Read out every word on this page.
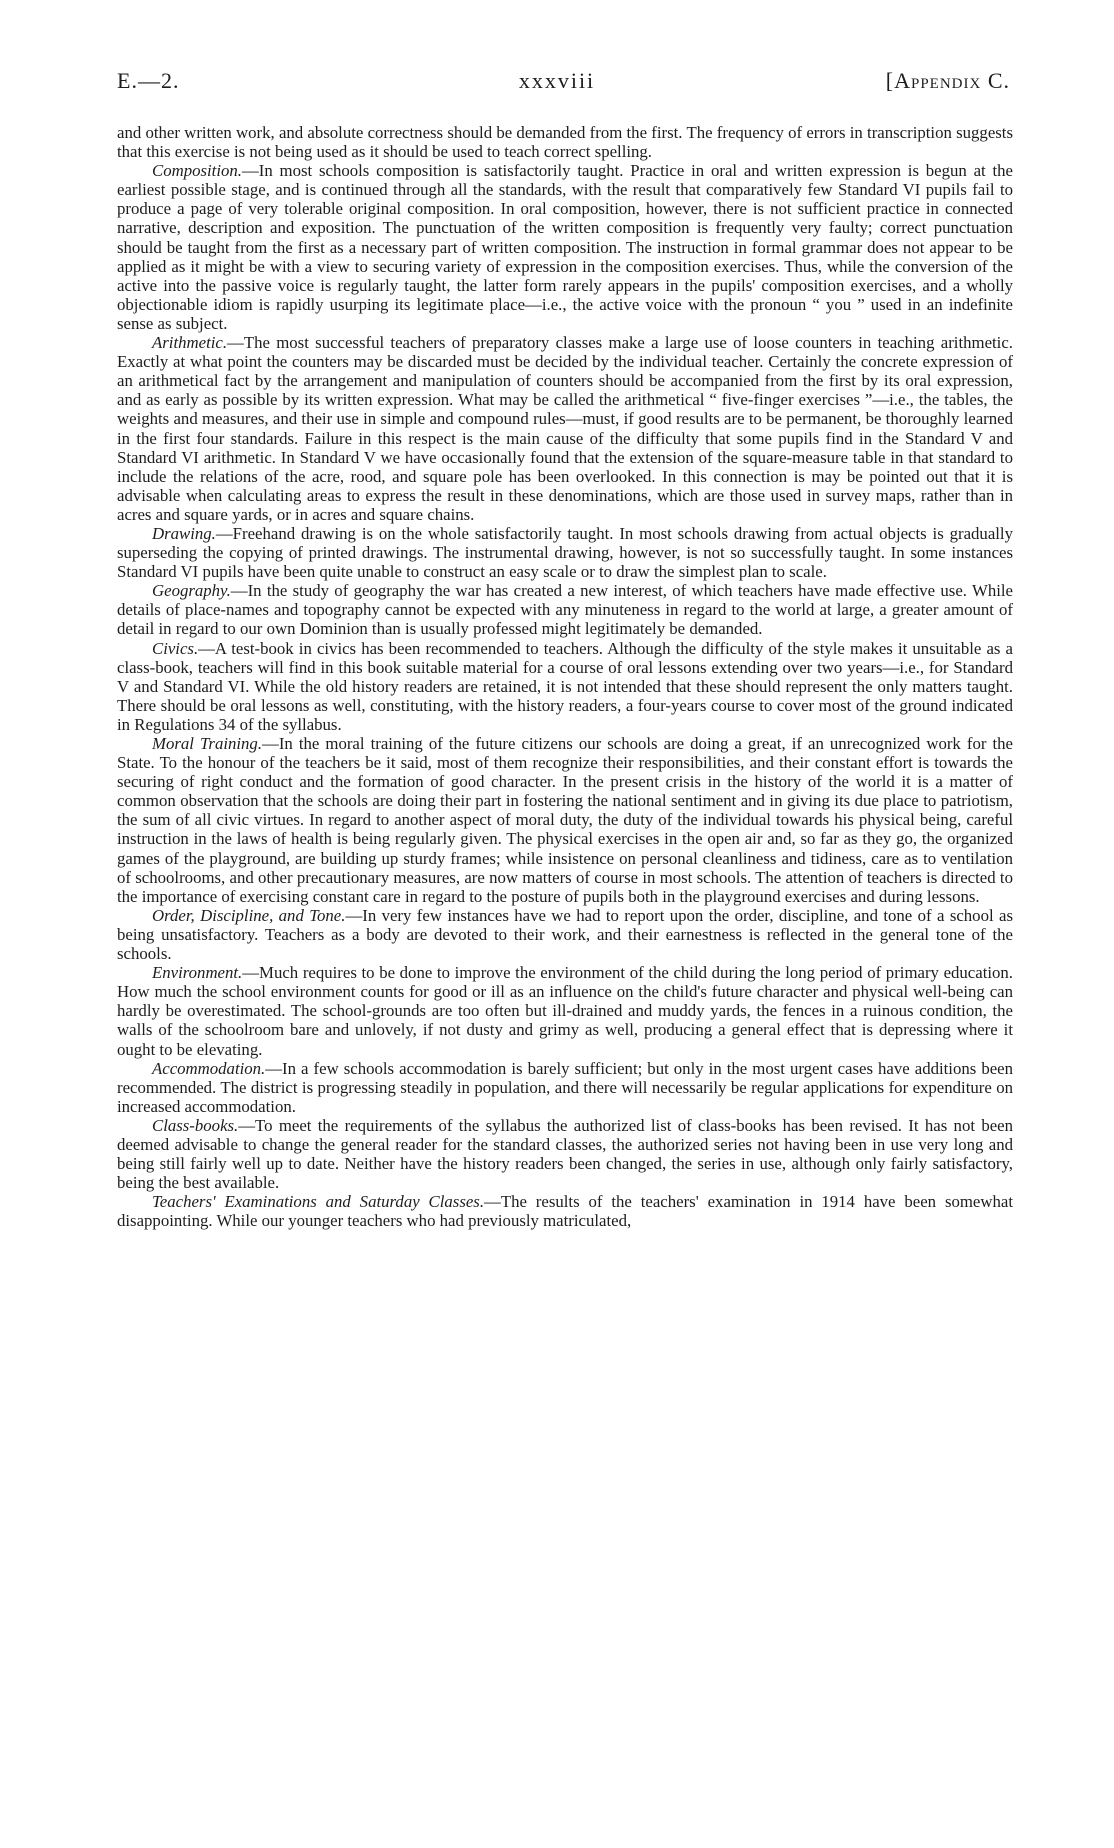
E.—2.	xxxviii	[Appendix C.

and other written work, and absolute correctness should be demanded from the first. The frequency of errors in transcription suggests that this exercise is not being used as it should be used to teach correct spelling.

Composition.—In most schools composition is satisfactorily taught. Practice in oral and written expression is begun at the earliest possible stage, and is continued through all the standards, with the result that comparatively few Standard VI pupils fail to produce a page of very tolerable original composition. In oral composition, however, there is not sufficient practice in connected narrative, description and exposition. The punctuation of the written composition is frequently very faulty; correct punctuation should be taught from the first as a necessary part of written composition. The instruction in formal grammar does not appear to be applied as it might be with a view to securing variety of expression in the composition exercises. Thus, while the conversion of the active into the passive voice is regularly taught, the latter form rarely appears in the pupils' composition exercises, and a wholly objectionable idiom is rapidly usurping its legitimate place—i.e., the active voice with the pronoun “ you ” used in an indefinite sense as subject.

Arithmetic.—The most successful teachers of preparatory classes make a large use of loose counters in teaching arithmetic. Exactly at what point the counters may be discarded must be decided by the individual teacher. Certainly the concrete expression of an arithmetical fact by the arrangement and manipulation of counters should be accompanied from the first by its oral expression, and as early as possible by its written expression. What may be called the arithmetical “ five-finger exercises ”—i.e., the tables, the weights and measures, and their use in simple and compound rules—must, if good results are to be permanent, be thoroughly learned in the first four standards. Failure in this respect is the main cause of the difficulty that some pupils find in the Standard V and Standard VI arithmetic. In Standard V we have occasionally found that the extension of the square-measure table in that standard to include the relations of the acre, rood, and square pole has been overlooked. In this connection is may be pointed out that it is advisable when calculating areas to express the result in these denominations, which are those used in survey maps, rather than in acres and square yards, or in acres and square chains.

Drawing.—Freehand drawing is on the whole satisfactorily taught. In most schools drawing from actual objects is gradually superseding the copying of printed drawings. The instrumental drawing, however, is not so successfully taught. In some instances Standard VI pupils have been quite unable to construct an easy scale or to draw the simplest plan to scale.

Geography.—In the study of geography the war has created a new interest, of which teachers have made effective use. While details of place-names and topography cannot be expected with any minuteness in regard to the world at large, a greater amount of detail in regard to our own Dominion than is usually professed might legitimately be demanded.

Civics.—A test-book in civics has been recommended to teachers. Although the difficulty of the style makes it unsuitable as a class-book, teachers will find in this book suitable material for a course of oral lessons extending over two years—i.e., for Standard V and Standard VI. While the old history readers are retained, it is not intended that these should represent the only matters taught. There should be oral lessons as well, constituting, with the history readers, a four-years course to cover most of the ground indicated in Regulations 34 of the syllabus.

Moral Training.—In the moral training of the future citizens our schools are doing a great, if an unrecognized work for the State. To the honour of the teachers be it said, most of them recognize their responsibilities, and their constant effort is towards the securing of right conduct and the formation of good character. In the present crisis in the history of the world it is a matter of common observation that the schools are doing their part in fostering the national sentiment and in giving its due place to patriotism, the sum of all civic virtues. In regard to another aspect of moral duty, the duty of the individual towards his physical being, careful instruction in the laws of health is being regularly given. The physical exercises in the open air and, so far as they go, the organized games of the playground, are building up sturdy frames; while insistence on personal cleanliness and tidiness, care as to ventilation of schoolrooms, and other precautionary measures, are now matters of course in most schools. The attention of teachers is directed to the importance of exercising constant care in regard to the posture of pupils both in the playground exercises and during lessons.

Order, Discipline, and Tone.—In very few instances have we had to report upon the order, discipline, and tone of a school as being unsatisfactory. Teachers as a body are devoted to their work, and their earnestness is reflected in the general tone of the schools.

Environment.—Much requires to be done to improve the environment of the child during the long period of primary education. How much the school environment counts for good or ill as an influence on the child's future character and physical well-being can hardly be overestimated. The school-grounds are too often but ill-drained and muddy yards, the fences in a ruinous condition, the walls of the schoolroom bare and unlovely, if not dusty and grimy as well, producing a general effect that is depressing where it ought to be elevating.

Accommodation.—In a few schools accommodation is barely sufficient; but only in the most urgent cases have additions been recommended. The district is progressing steadily in population, and there will necessarily be regular applications for expenditure on increased accommodation.

Class-books.—To meet the requirements of the syllabus the authorized list of class-books has been revised. It has not been deemed advisable to change the general reader for the standard classes, the authorized series not having been in use very long and being still fairly well up to date. Neither have the history readers been changed, the series in use, although only fairly satisfactory, being the best available.

Teachers' Examinations and Saturday Classes.—The results of the teachers' examination in 1914 have been somewhat disappointing. While our younger teachers who had previously matriculated,
